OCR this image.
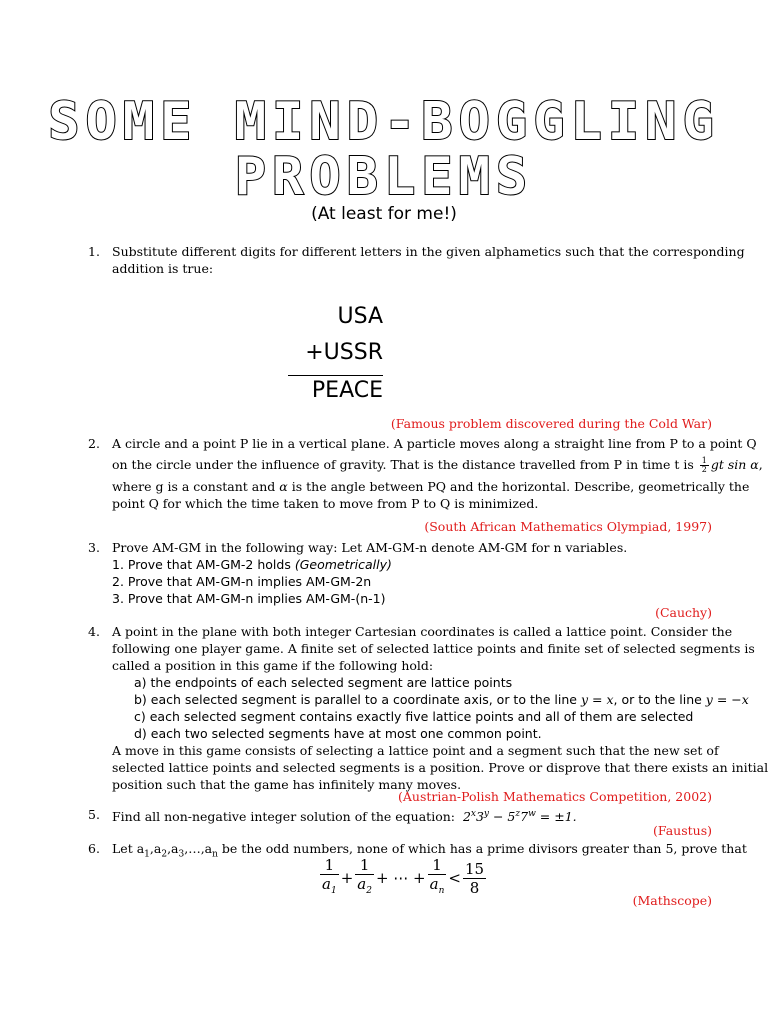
SOME MIND-BOGGLING
PROBLEMS
(At least for me!)
1. Substitute different digits for different letters in the given alphametics such that the corresponding
addition is true:
USA
+USSR
PEACE
(Famous problem discovered during the Cold War)
2. A circle and a point P lie in a vertical plane. A particle moves along a straight line from P to a point Q
on the circle under the influence of gravity. That is the distance travelled from P in time t is $\frac{1}{2}$ gt sin α,
where g is a constant and α is the angle between PQ and the horizontal. Describe, geometrically the
point Q for which the time taken to move from P to Q is minimized.
(South African Mathematics Olympiad, 1997)
3. Prove AM-GM in the following way: Let AM-GM-n denote AM-GM for n variables.
1. Prove that AM-GM-2 holds (Geometrically)
2. Prove that AM-GM-n implies AM-GM-2n
3. Prove that AM-GM-n implies AM-GM-(n-1)
(Cauchy)
4. A point in the plane with both integer Cartesian coordinates is called a lattice point. Consider the
following one player game. A finite set of selected lattice points and finite set of selected segments is
called a position in this game if the following hold:
a) the endpoints of each selected segment are lattice points
b) each selected segment is parallel to a coordinate axis, or to the line y = x, or to the line y = −x
c) each selected segment contains exactly five lattice points and all of them are selected
d) each two selected segments have at most one common point.
A move in this game consists of selecting a lattice point and a segment such that the new set of
selected lattice points and selected segments is a position. Prove or disprove that there exists an initial
position such that the game has infinitely many moves.
(Austrian-Polish Mathematics Competition, 2002)
5. Find all non-negative integer solution of the equation: $2^x3^y - 5^z7^w = \pm 1$.
(Faustus)
6. Let $a_1,a_2,a_3,\dots,a_n$ be the odd numbers, none of which has a prime divisors greater than 5, prove that
$\frac{1}{a_1} + \frac{1}{a_2}$ + ⋯ + $\frac{1}{a_n} < \frac{15}{8}$
(Mathscope)
